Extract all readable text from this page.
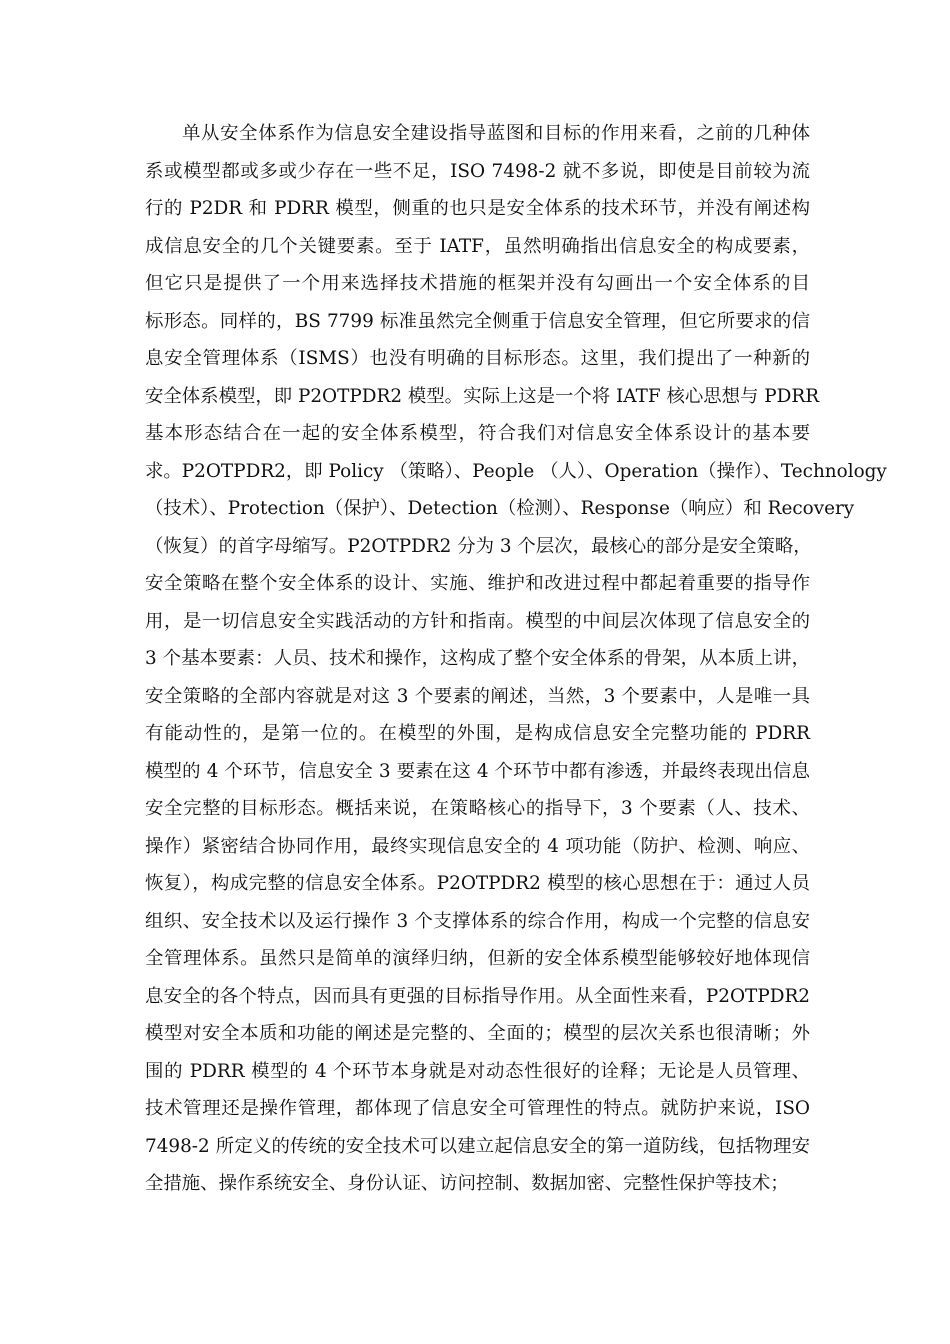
单从安全体系作为信息安全建设指导蓝图和目标的作用来看，之前的几种体
系或模型都或多或少存在一些不足，ISO 7498-2 就不多说，即使是目前较为流
行的 P2DR 和 PDRR 模型，侧重的也只是安全体系的技术环节，并没有阐述构
成信息安全的几个关键要素。至于 IATF，虽然明确指出信息安全的构成要素，
但它只是提供了一个用来选择技术措施的框架并没有勾画出一个安全体系的目
标形态。同样的，BS 7799 标准虽然完全侧重于信息安全管理，但它所要求的信
息安全管理体系（ISMS）也没有明确的目标形态。这里，我们提出了一种新的
安全体系模型，即 P2OTPDR2 模型。实际上这是一个将 IATF 核心思想与 PDRR
基本形态结合在一起的安全体系模型，符合我们对信息安全体系设计的基本要
求。P2OTPDR2，即 Policy （策略）、People （人）、Operation（操作）、Technology
（技术）、Protection（保护）、Detection（检测）、Response（响应）和 Recovery
（恢复）的首字母缩写。P2OTPDR2 分为 3 个层次，最核心的部分是安全策略，
安全策略在整个安全体系的设计、实施、维护和改进过程中都起着重要的指导作
用，是一切信息安全实践活动的方针和指南。模型的中间层次体现了信息安全的
3 个基本要素：人员、技术和操作，这构成了整个安全体系的骨架，从本质上讲，
安全策略的全部内容就是对这 3 个要素的阐述，当然，3 个要素中，人是唯一具
有能动性的，是第一位的。在模型的外围，是构成信息安全完整功能的 PDRR
模型的 4 个环节，信息安全 3 要素在这 4 个环节中都有渗透，并最终表现出信息
安全完整的目标形态。概括来说，在策略核心的指导下，3 个要素（人、技术、
操作）紧密结合协同作用，最终实现信息安全的 4 项功能（防护、检测、响应、
恢复），构成完整的信息安全体系。P2OTPDR2 模型的核心思想在于：通过人员
组织、安全技术以及运行操作 3 个支撑体系的综合作用，构成一个完整的信息安
全管理体系。虽然只是简单的演绎归纳，但新的安全体系模型能够较好地体现信
息安全的各个特点，因而具有更强的目标指导作用。从全面性来看，P2OTPDR2
模型对安全本质和功能的阐述是完整的、全面的；模型的层次关系也很清晰；外
围的 PDRR 模型的 4 个环节本身就是对动态性很好的诠释；无论是人员管理、
技术管理还是操作管理，都体现了信息安全可管理性的特点。就防护来说，ISO
7498-2 所定义的传统的安全技术可以建立起信息安全的第一道防线，包括物理安
全措施、操作系统安全、身份认证、访问控制、数据加密、完整性保护等技术；
